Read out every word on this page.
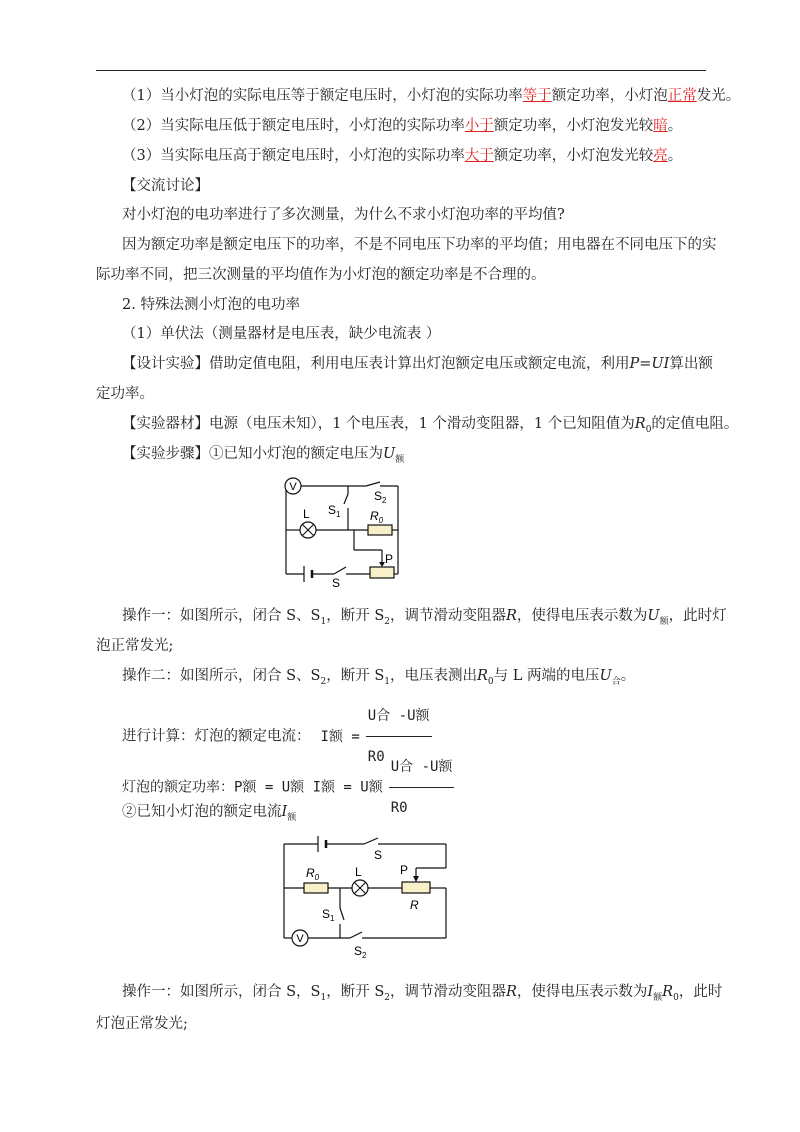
（1）当小灯泡的实际电压等于额定电压时，小灯泡的实际功率等于额定功率，小灯泡正常发光。
（2）当实际电压低于额定电压时，小灯泡的实际功率小于额定功率，小灯泡发光较暗。
（3）当实际电压高于额定电压时，小灯泡的实际功率大于额定功率，小灯泡发光较亮。
【交流讨论】
对小灯泡的电功率进行了多次测量，为什么不求小灯泡功率的平均值?
因为额定功率是额定电压下的功率，不是不同电压下功率的平均值；用电器在不同电压下的实
际功率不同，把三次测量的平均值作为小灯泡的额定功率是不合理的。
2. 特殊法测小灯泡的电功率
（1）单伏法（测量器材是电压表，缺少电流表 ）
【设计实验】借助定值电阻，利用电压表计算出灯泡额定电压或额定电流，利用P=UI算出额
定功率。
【实验器材】电源（电压未知），1 个电压表，1 个滑动变阻器，1 个已知阻值为$R_0$的定值电阻。
【实验步骤】①已知小灯泡的额定电压为$U_额$
V
L	$R_0$
$S_2$
$S_1$
P
S
操作一：如图所示，闭合 S、$S_1$，断开 $S_2$，调节滑动变阻器R，使得电压表示数为$U_额$，此时灯
泡正常发光;
操作二：如图所示，闭合 S、$S_2$，断开 $S_1$，电压表测出$R_0$与 L 两端的电压$U_合$。
进行计算：灯泡的额定电流： I额 = $\frac{\text{U合 -U额}}{R0}$
灯泡的额定功率：P额 = U额 I额 = U额 $\frac{\text{U合 -U额}}{R0}$
②已知小灯泡的额定电流$I_额$
S
$R_0$	L	P
R
$S_1$
V
$S_2$
操作一：如图所示，闭合 S，$S_1$，断开 $S_2$，调节滑动变阻器R，使得电压表示数为$I_额R_0$，此时
灯泡正常发光;
